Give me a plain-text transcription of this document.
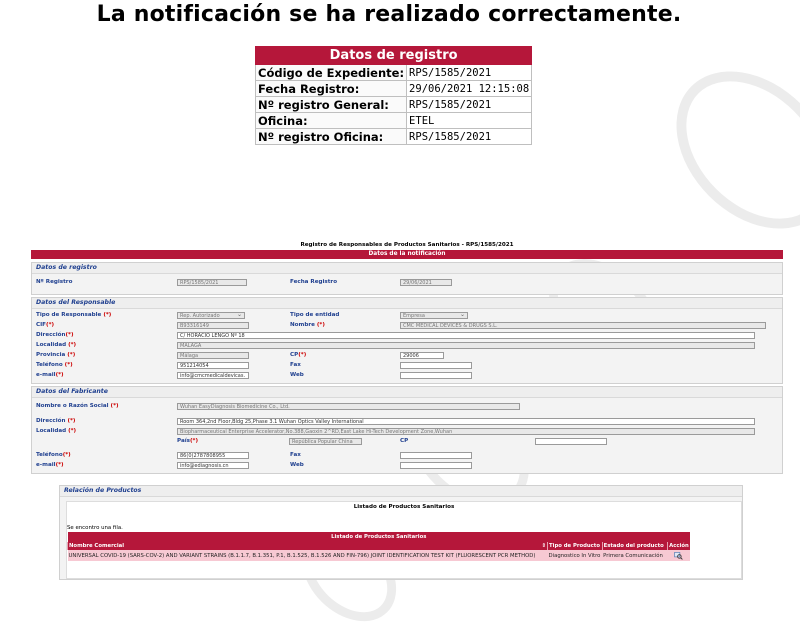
La notificación se ha realizado correctamente.
Datos de registro	
Código de Expediente:	RPS/1585/2021
Fecha Registro:	29/06/2021 12:15:08
Nº registro General:	RPS/1585/2021
Oficina:	ETEL
Nº registro Oficina:	RPS/1585/2021
Registro de Responsables de Productos Sanitarios - RPS/1585/2021
Datos de la notificación
Datos de registro
Nº Registro	RPS/1585/2021	Fecha Registro	29/06/2021
Datos del Responsable
Tipo de Responsable (*)	Rep. Autorizado ⌄	Tipo de entidad	Empresa ⌄
CIF(*)	B93316149	Nombre (*)	CMC MEDICAL DEVICES & DRUGS S.L.
Dirección(*)	C/ HORACIO LENGO Nº 18
Localidad (*)	MALAGA
Provincia (*)	Málaga	CP(*)	29006
Teléfono (*)	951214054	Fax
e-mail(*)	info@cmcmedicaldevicas.	Web
Datos del Fabricante
Nombre o Razón Social (*)	Wuhan EasyDiagnosis Biomedicine Co., Ltd.
Dirección (*)	Room 364,2nd Floor,Bldg 25,Phase 3.1 Wuhan Optics Valley International
Localidad (*)	Biopharmaceutical Enterprise Accelerator,No.388,Gaoxin 2^RD,East Lake Hi-Tech Development Zone,Wuhan
País(*)	República Popular China	CP
Teléfono(*)	86(0)2787808955	Fax
e-mail(*)	info@ediagnosis.cn	Web
Relación de Productos
Listado de Productos Sanitarios
Se encontro una fila.
Listado de Productos Sanitarios			
Nombre Comercial ⇕	Tipo de Producto	Estado del producto	Acción
UNIVERSAL COVID-19 (SARS-COV-2) AND VARIANT STRAINS (B.1.1.7, B.1.351, P.1, B.1.525, B.1.526 AND FIN-796) JOINT IDENTIFICATION TEST KIT (FLUORESCENT PCR METHOD)	Diagnostico In Vitro	Primera Comunicación	
